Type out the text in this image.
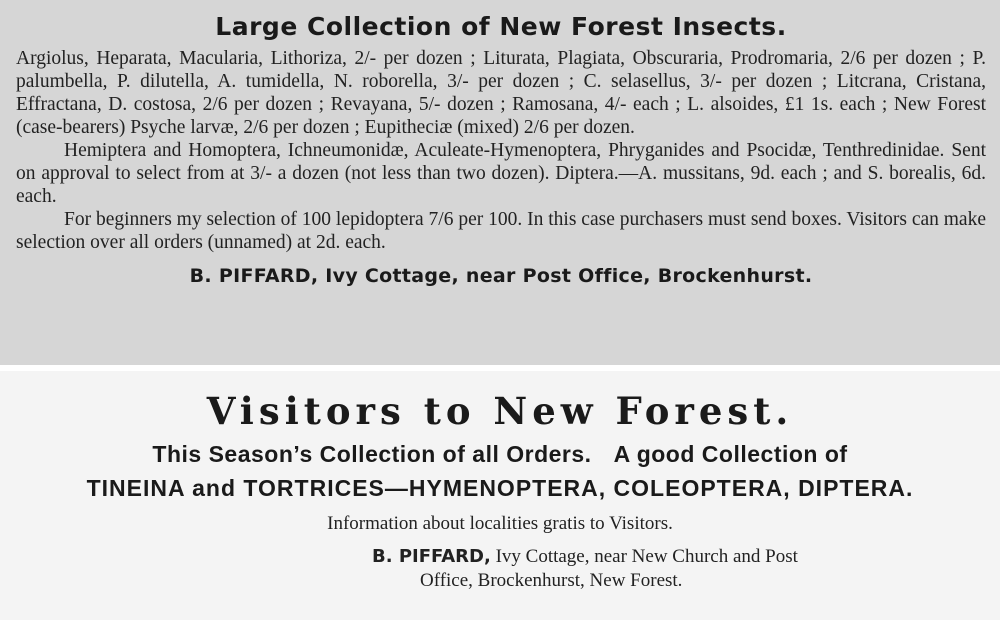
Large Collection of New Forest Insects.

Argiolus, Heparata, Macularia, Lithoriza, 2/- per dozen ; Liturata, Plagiata, Obscuraria, Prodromaria, 2/6 per dozen ; P. palumbella, P. dilutella, A. tumidella, N. roborella, 3/- per dozen ; C. selasellus, 3/- per dozen ; Litcrana, Cristana, Effractana, D. costosa, 2/6 per dozen ; Revayana, 5/- dozen ; Ramosana, 4/- each ; L. alsoides, £1 1s. each ; New Forest (case-bearers) Psyche larvæ, 2/6 per dozen ; Eupitheciæ (mixed) 2/6 per dozen.

Hemiptera and Homoptera, Ichneumonidæ, Aculeate-Hymenoptera, Phryganides and Psocidæ, Tenthredinidae. Sent on approval to select from at 3/- a dozen (not less than two dozen). Diptera.—A. mussitans, 9d. each ; and S. borealis, 6d. each.

For beginners my selection of 100 lepidoptera 7/6 per 100. In this case purchasers must send boxes. Visitors can make selection over all orders (unnamed) at 2d. each.

B. PIFFARD, Ivy Cottage, near Post Office, Brockenhurst.
Visitors to New Forest.
This Season’s Collection of all Orders. A good Collection of
TINEINA and TORTRICES—HYMENOPTERA, COLEOPTERA, DIPTERA.
Information about localities gratis to Visitors.
B. PIFFARD, Ivy Cottage, near New Church and Post
Office, Brockenhurst, New Forest.
